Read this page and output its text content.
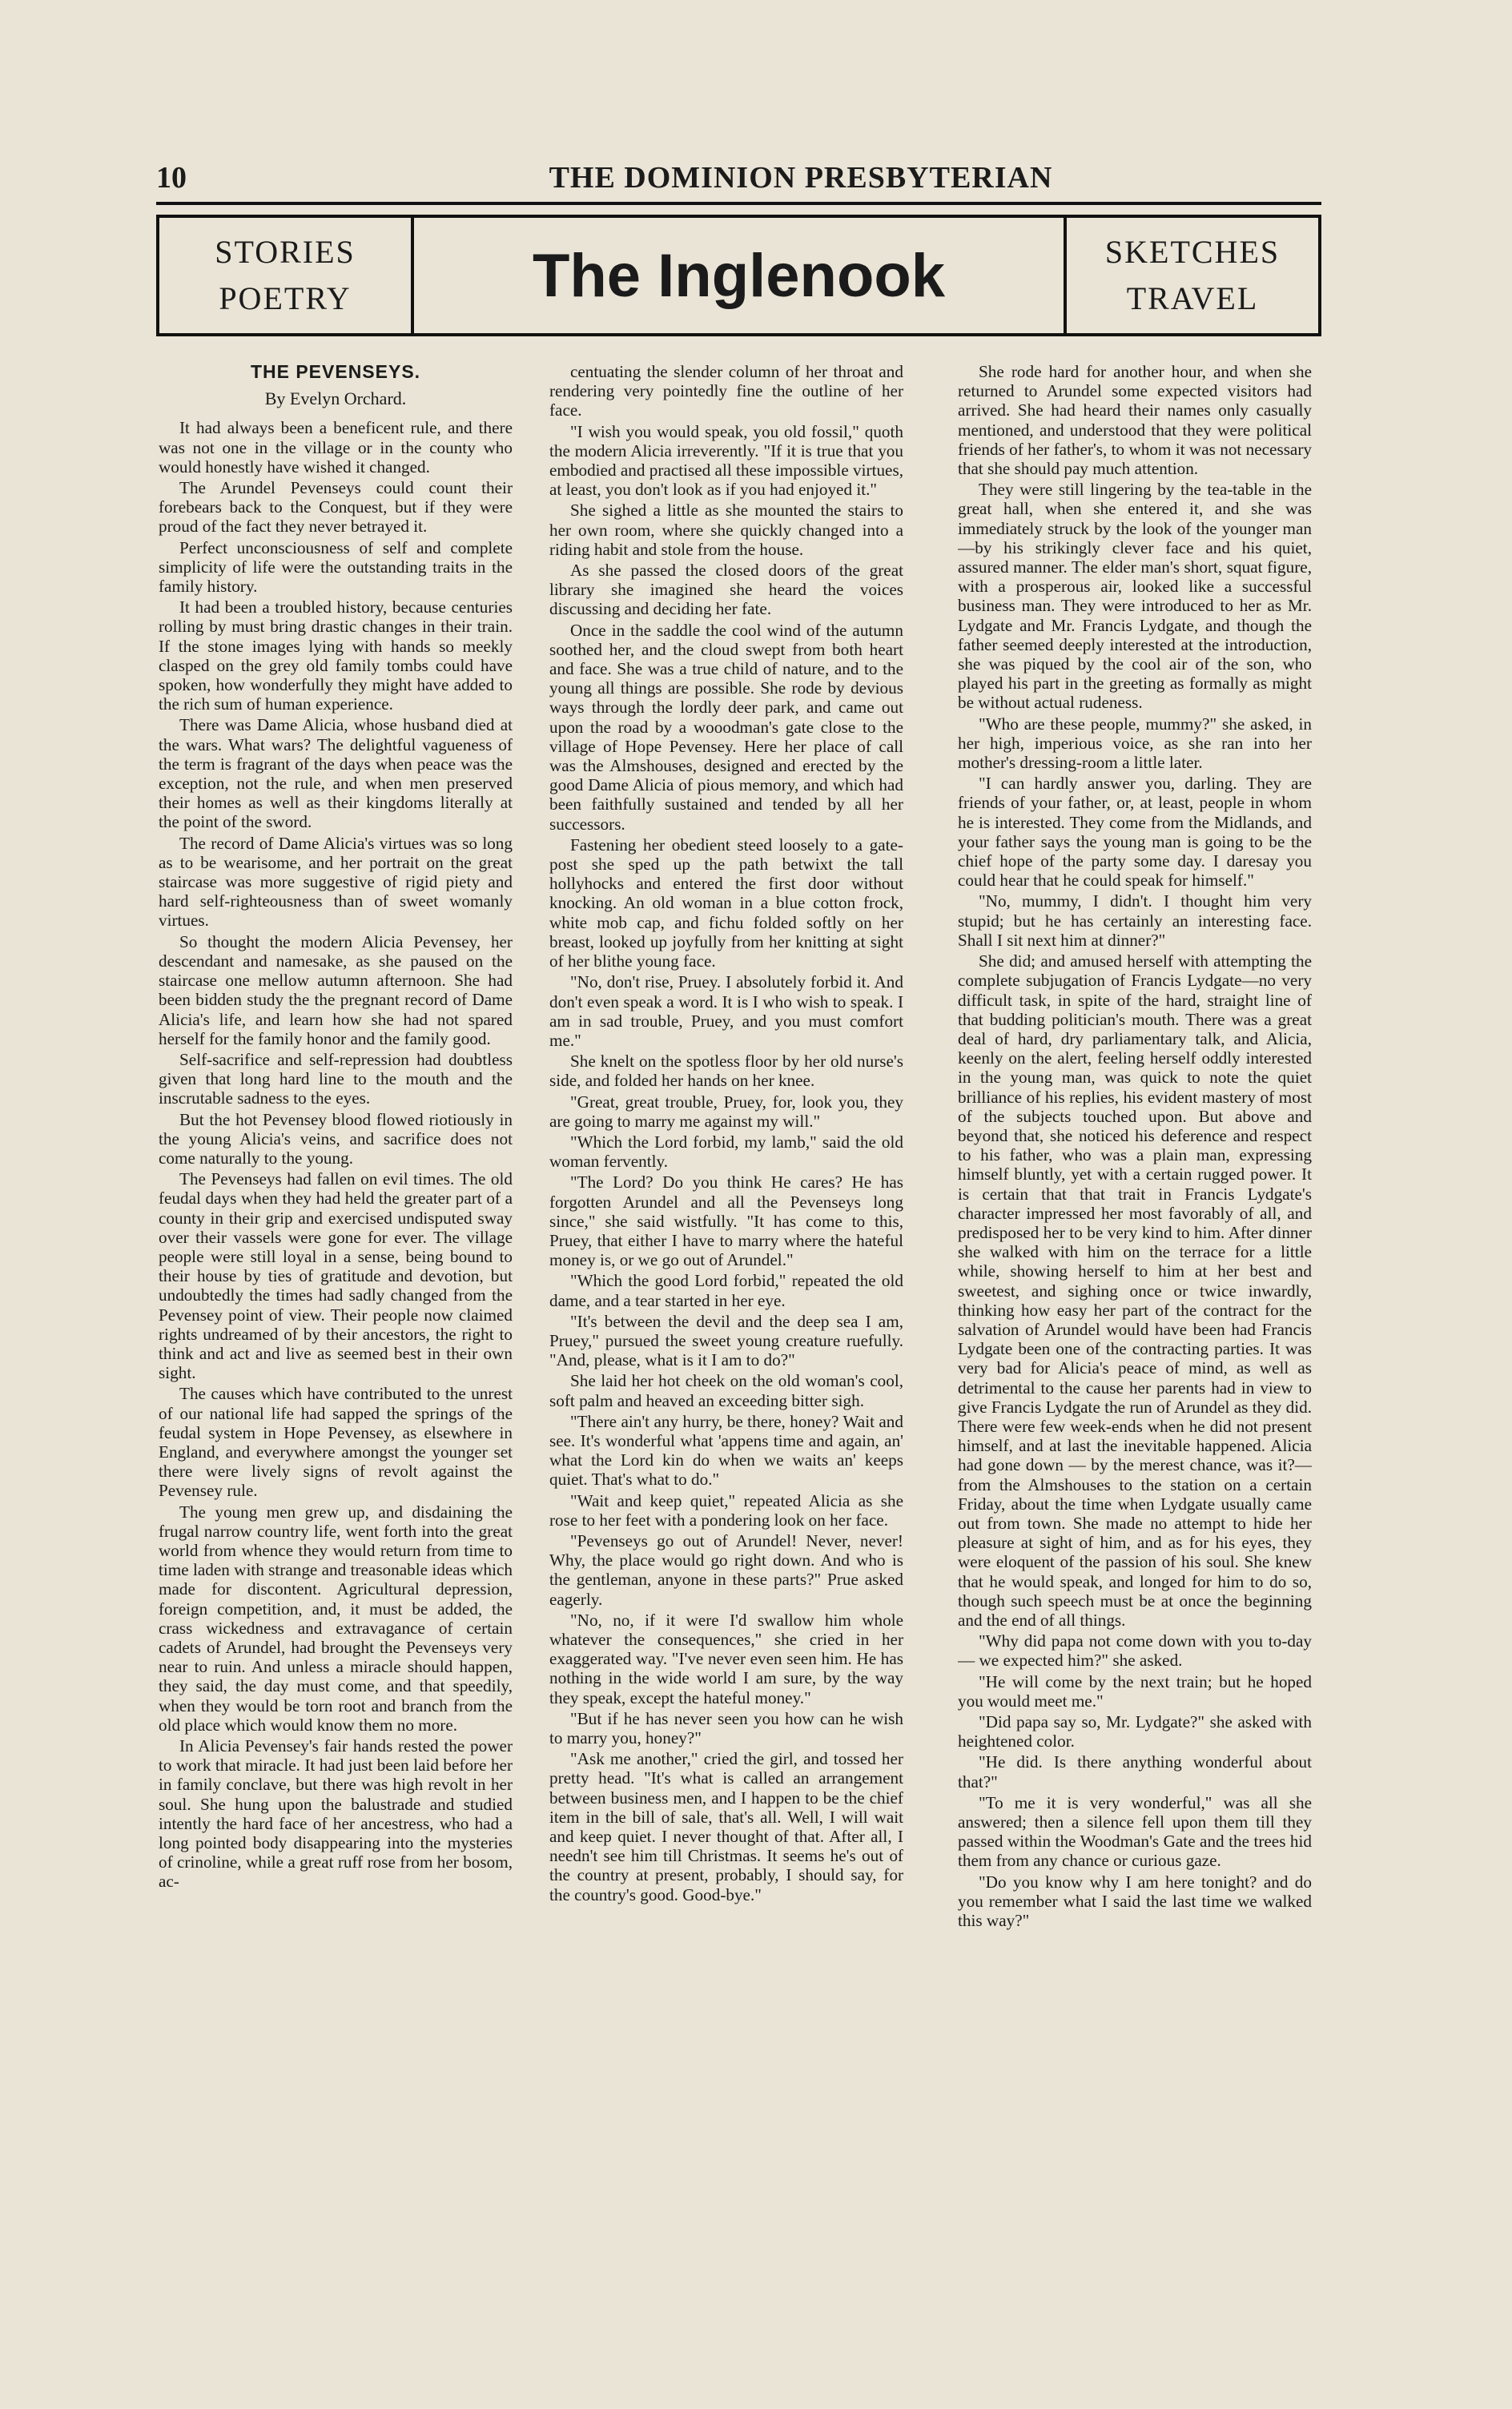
10	THE DOMINION PRESBYTERIAN
STORIES
POETRY	The Inglenook	SKETCHES
TRAVEL
THE PEVENSEYS.
By Evelyn Orchard.

It had always been a beneficent rule, and there was not one in the village or in the county who would honestly have wished it changed.

The Arundel Pevenseys could count their forebears back to the Conquest, but if they were proud of the fact they never betrayed it.

Perfect unconsciousness of self and complete simplicity of life were the outstanding traits in the family history.

It had been a troubled history, because centuries rolling by must bring drastic changes in their train. If the stone images lying with hands so meekly clasped on the grey old family tombs could have spoken, how wonderfully they might have added to the rich sum of human experience.

There was Dame Alicia, whose husband died at the wars. What wars? The delightful vagueness of the term is fragrant of the days when peace was the exception, not the rule, and when men preserved their homes as well as their kingdoms literally at the point of the sword.

The record of Dame Alicia's virtues was so long as to be wearisome, and her portrait on the great staircase was more suggestive of rigid piety and hard self-righteousness than of sweet womanly virtues.

So thought the modern Alicia Pevensey, her descendant and namesake, as she paused on the staircase one mellow autumn afternoon. She had been bidden study the the pregnant record of Dame Alicia's life, and learn how she had not spared herself for the family honor and the family good.

Self-sacrifice and self-repression had doubtless given that long hard line to the mouth and the inscrutable sadness to the eyes.

But the hot Pevensey blood flowed riotiously in the young Alicia's veins, and sacrifice does not come naturally to the young.

The Pevenseys had fallen on evil times. The old feudal days when they had held the greater part of a county in their grip and exercised undisputed sway over their vassels were gone for ever. The village people were still loyal in a sense, being bound to their house by ties of gratitude and devotion, but undoubtedly the times had sadly changed from the Pevensey point of view. Their people now claimed rights undreamed of by their ancestors, the right to think and act and live as seemed best in their own sight.

The causes which have contributed to the unrest of our national life had sapped the springs of the feudal system in Hope Pevensey, as elsewhere in England, and everywhere amongst the younger set there were lively signs of revolt against the Pevensey rule.

The young men grew up, and disdaining the frugal narrow country life, went forth into the great world from whence they would return from time to time laden with strange and treasonable ideas which made for discontent. Agricultural depression, foreign competition, and, it must be added, the crass wickedness and extravagance of certain cadets of Arundel, had brought the Pevenseys very near to ruin. And unless a miracle should happen, they said, the day must come, and that speedily, when they would be torn root and branch from the old place which would know them no more.

In Alicia Pevensey's fair hands rested the power to work that miracle. It had just been laid before her in family conclave, but there was high revolt in her soul. She hung upon the balustrade and studied intently the hard face of her ancestress, who had a long pointed body disappearing into the mysteries of crinoline, while a great ruff rose from her bosom, ac-

centuating the slender column of her throat and rendering very pointedly fine the outline of her face.

"I wish you would speak, you old fossil," quoth the modern Alicia irreverently. "If it is true that you embodied and practised all these impossible virtues, at least, you don't look as if you had enjoyed it."

She sighed a little as she mounted the stairs to her own room, where she quickly changed into a riding habit and stole from the house.

As she passed the closed doors of the great library she imagined she heard the voices discussing and deciding her fate.

Once in the saddle the cool wind of the autumn soothed her, and the cloud swept from both heart and face. She was a true child of nature, and to the young all things are possible. She rode by devious ways through the lordly deer park, and came out upon the road by a wooodman's gate close to the village of Hope Pevensey. Here her place of call was the Almshouses, designed and erected by the good Dame Alicia of pious memory, and which had been faithfully sustained and tended by all her successors.

Fastening her obedient steed loosely to a gate-post she sped up the path betwixt the tall hollyhocks and entered the first door without knocking. An old woman in a blue cotton frock, white mob cap, and fichu folded softly on her breast, looked up joyfully from her knitting at sight of her blithe young face.

"No, don't rise, Pruey. I absolutely forbid it. And don't even speak a word. It is I who wish to speak. I am in sad trouble, Pruey, and you must comfort me."

She knelt on the spotless floor by her old nurse's side, and folded her hands on her knee.

"Great, great trouble, Pruey, for, look you, they are going to marry me against my will."

"Which the Lord forbid, my lamb," said the old woman fervently.

"The Lord? Do you think He cares? He has forgotten Arundel and all the Pevenseys long since," she said wistfully. "It has come to this, Pruey, that either I have to marry where the hateful money is, or we go out of Arundel."

"Which the good Lord forbid," repeated the old dame, and a tear started in her eye.

"It's between the devil and the deep sea I am, Pruey," pursued the sweet young creature ruefully. "And, please, what is it I am to do?"

She laid her hot cheek on the old woman's cool, soft palm and heaved an exceeding bitter sigh.

"There ain't any hurry, be there, honey? Wait and see. It's wonderful what 'appens time and again, an' what the Lord kin do when we waits an' keeps quiet. That's what to do."

"Wait and keep quiet," repeated Alicia as she rose to her feet with a pondering look on her face.

"Pevenseys go out of Arundel! Never, never! Why, the place would go right down. And who is the gentleman, anyone in these parts?" Prue asked eagerly.

"No, no, if it were I'd swallow him whole whatever the consequences," she cried in her exaggerated way. "I've never even seen him. He has nothing in the wide world I am sure, by the way they speak, except the hateful money."

"But if he has never seen you how can he wish to marry you, honey?"

"Ask me another," cried the girl, and tossed her pretty head. "It's what is called an arrangement between business men, and I happen to be the chief item in the bill of sale, that's all. Well, I will wait and keep quiet. I never thought of that. After all, I needn't see him till Christmas. It seems he's out of the country at present, probably, I should say, for the country's good. Good-bye."

She rode hard for another hour, and when she returned to Arundel some expected visitors had arrived. She had heard their names only casually mentioned, and understood that they were political friends of her father's, to whom it was not necessary that she should pay much attention.

They were still lingering by the tea-table in the great hall, when she entered it, and she was immediately struck by the look of the younger man—by his strikingly clever face and his quiet, assured manner. The elder man's short, squat figure, with a prosperous air, looked like a successful business man. They were introduced to her as Mr. Lydgate and Mr. Francis Lydgate, and though the father seemed deeply interested at the introduction, she was piqued by the cool air of the son, who played his part in the greeting as formally as might be without actual rudeness.

"Who are these people, mummy?" she asked, in her high, imperious voice, as she ran into her mother's dressing-room a little later.

"I can hardly answer you, darling. They are friends of your father, or, at least, people in whom he is interested. They come from the Midlands, and your father says the young man is going to be the chief hope of the party some day. I daresay you could hear that he could speak for himself."

"No, mummy, I didn't. I thought him very stupid; but he has certainly an interesting face. Shall I sit next him at dinner?"

She did; and amused herself with attempting the complete subjugation of Francis Lydgate—no very difficult task, in spite of the hard, straight line of that budding politician's mouth. There was a great deal of hard, dry parliamentary talk, and Alicia, keenly on the alert, feeling herself oddly interested in the young man, was quick to note the quiet brilliance of his replies, his evident mastery of most of the subjects touched upon. But above and beyond that, she noticed his deference and respect to his father, who was a plain man, expressing himself bluntly, yet with a certain rugged power. It is certain that that trait in Francis Lydgate's character impressed her most favorably of all, and predisposed her to be very kind to him. After dinner she walked with him on the terrace for a little while, showing herself to him at her best and sweetest, and sighing once or twice inwardly, thinking how easy her part of the contract for the salvation of Arundel would have been had Francis Lydgate been one of the contracting parties. It was very bad for Alicia's peace of mind, as well as detrimental to the cause her parents had in view to give Francis Lydgate the run of Arundel as they did. There were few week-ends when he did not present himself, and at last the inevitable happened. Alicia had gone down — by the merest chance, was it?—from the Almshouses to the station on a certain Friday, about the time when Lydgate usually came out from town. She made no attempt to hide her pleasure at sight of him, and as for his eyes, they were eloquent of the passion of his soul. She knew that he would speak, and longed for him to do so, though such speech must be at once the beginning and the end of all things.

"Why did papa not come down with you to-day — we expected him?" she asked.

"He will come by the next train; but he hoped you would meet me."

"Did papa say so, Mr. Lydgate?" she asked with heightened color.

"He did. Is there anything wonderful about that?"

"To me it is very wonderful," was all she answered; then a silence fell upon them till they passed within the Woodman's Gate and the trees hid them from any chance or curious gaze.

"Do you know why I am here tonight? and do you remember what I said the last time we walked this way?"
